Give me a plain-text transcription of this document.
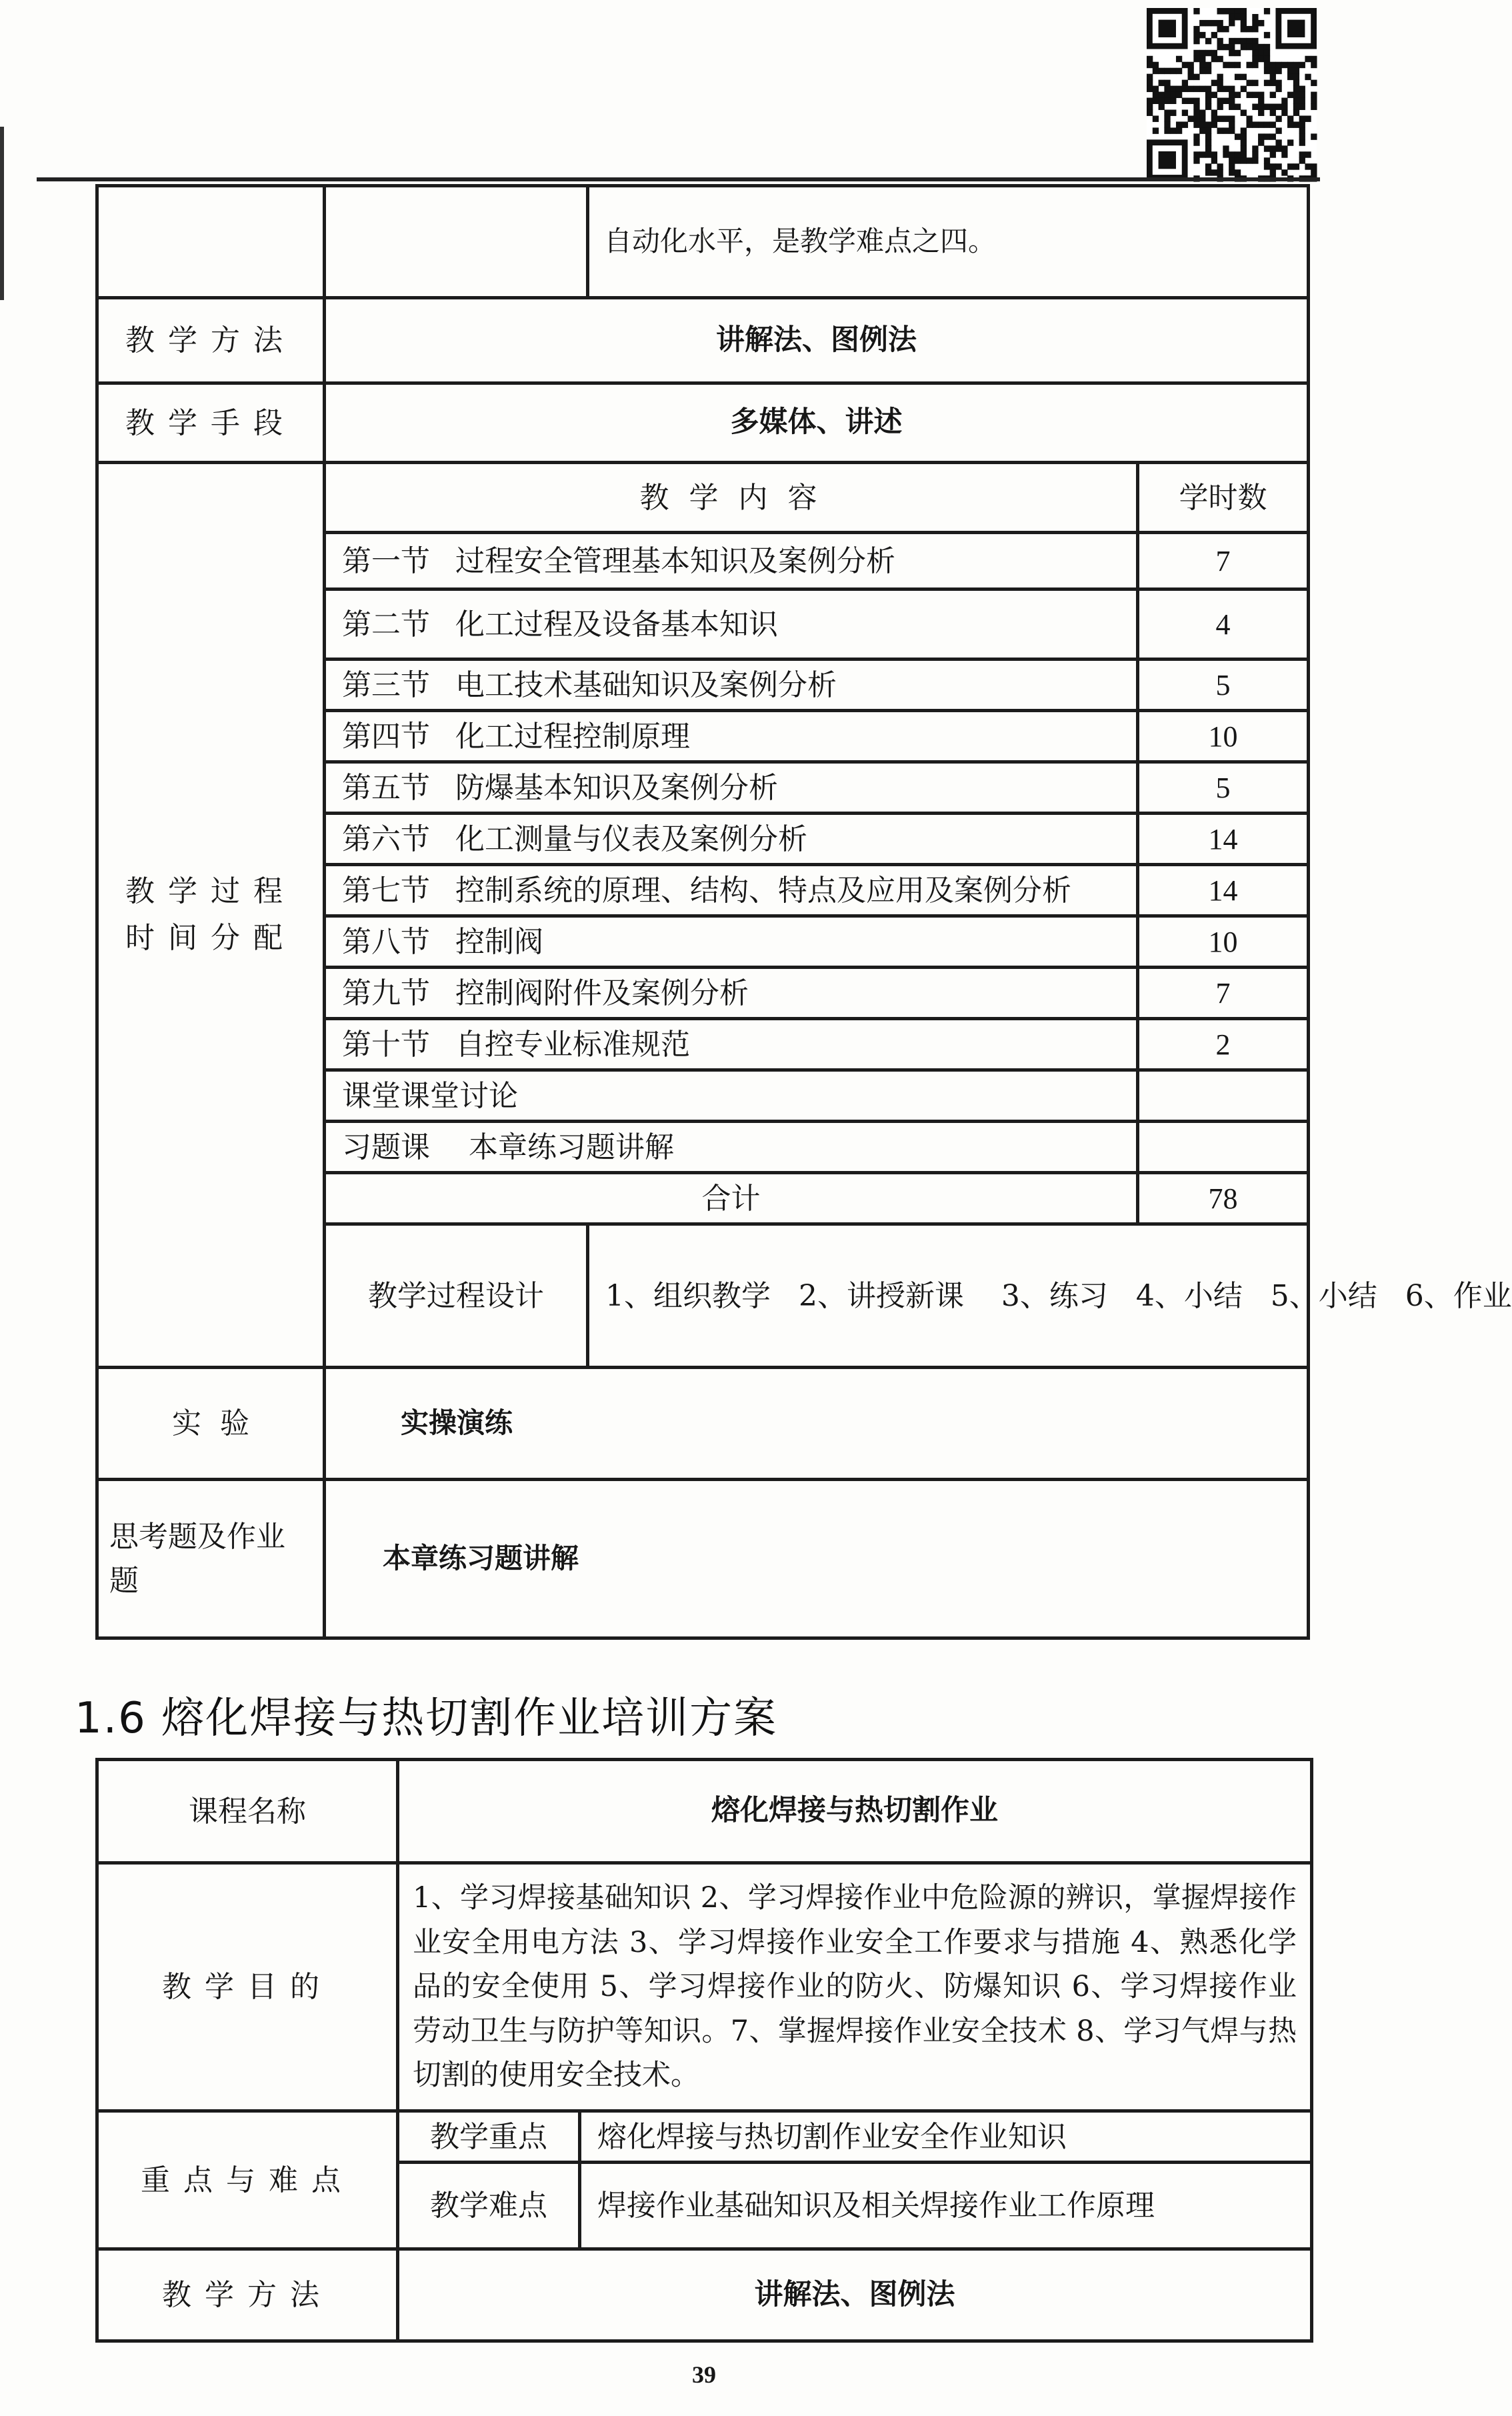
		自动化水平，是教学难点之四。	
教学方法	讲解法、图例法		
教学手段	多媒体、讲述		
教学过程
时间分配	教 学 内 容		学时数
	第一节 过程安全管理基本知识及案例分析		7
	第二节 化工过程及设备基本知识		4
	第三节 电工技术基础知识及案例分析		5
	第四节 化工过程控制原理		10
	第五节 防爆基本知识及案例分析		5
	第六节 化工测量与仪表及案例分析		14
	第七节 控制系统的原理、结构、特点及应用及案例分析		14
	第八节 控制阀		10
	第九节 控制阀附件及案例分析		7
	第十节 自控专业标准规范		2
	课堂课堂讨论		
	习题课 本章练习题讲解		
	合计		78
	教学过程设计	1、组织教学   2、讲授新课    3、练习   4、小结   5、小结   6、作业	
实  验	实操演练		
思考题及作业题	本章练习题讲解		
1.6 熔化焊接与热切割作业培训方案
课程名称	熔化焊接与热切割作业	
教学目的	1、学习焊接基础知识 2、学习焊接作业中危险源的辨识，掌握焊接作业安全用电方法 3、学习焊接作业安全工作要求与措施 4、熟悉化学品的安全使用 5、学习焊接作业的防火、防爆知识 6、学习焊接作业劳动卫生与防护等知识。7、掌握焊接作业安全技术 8、学习气焊与热切割的使用安全技术。	
重点与难点	教学重点	熔化焊接与热切割作业安全作业知识
	教学难点	焊接作业基础知识及相关焊接作业工作原理
教学方法	讲解法、图例法	
39
